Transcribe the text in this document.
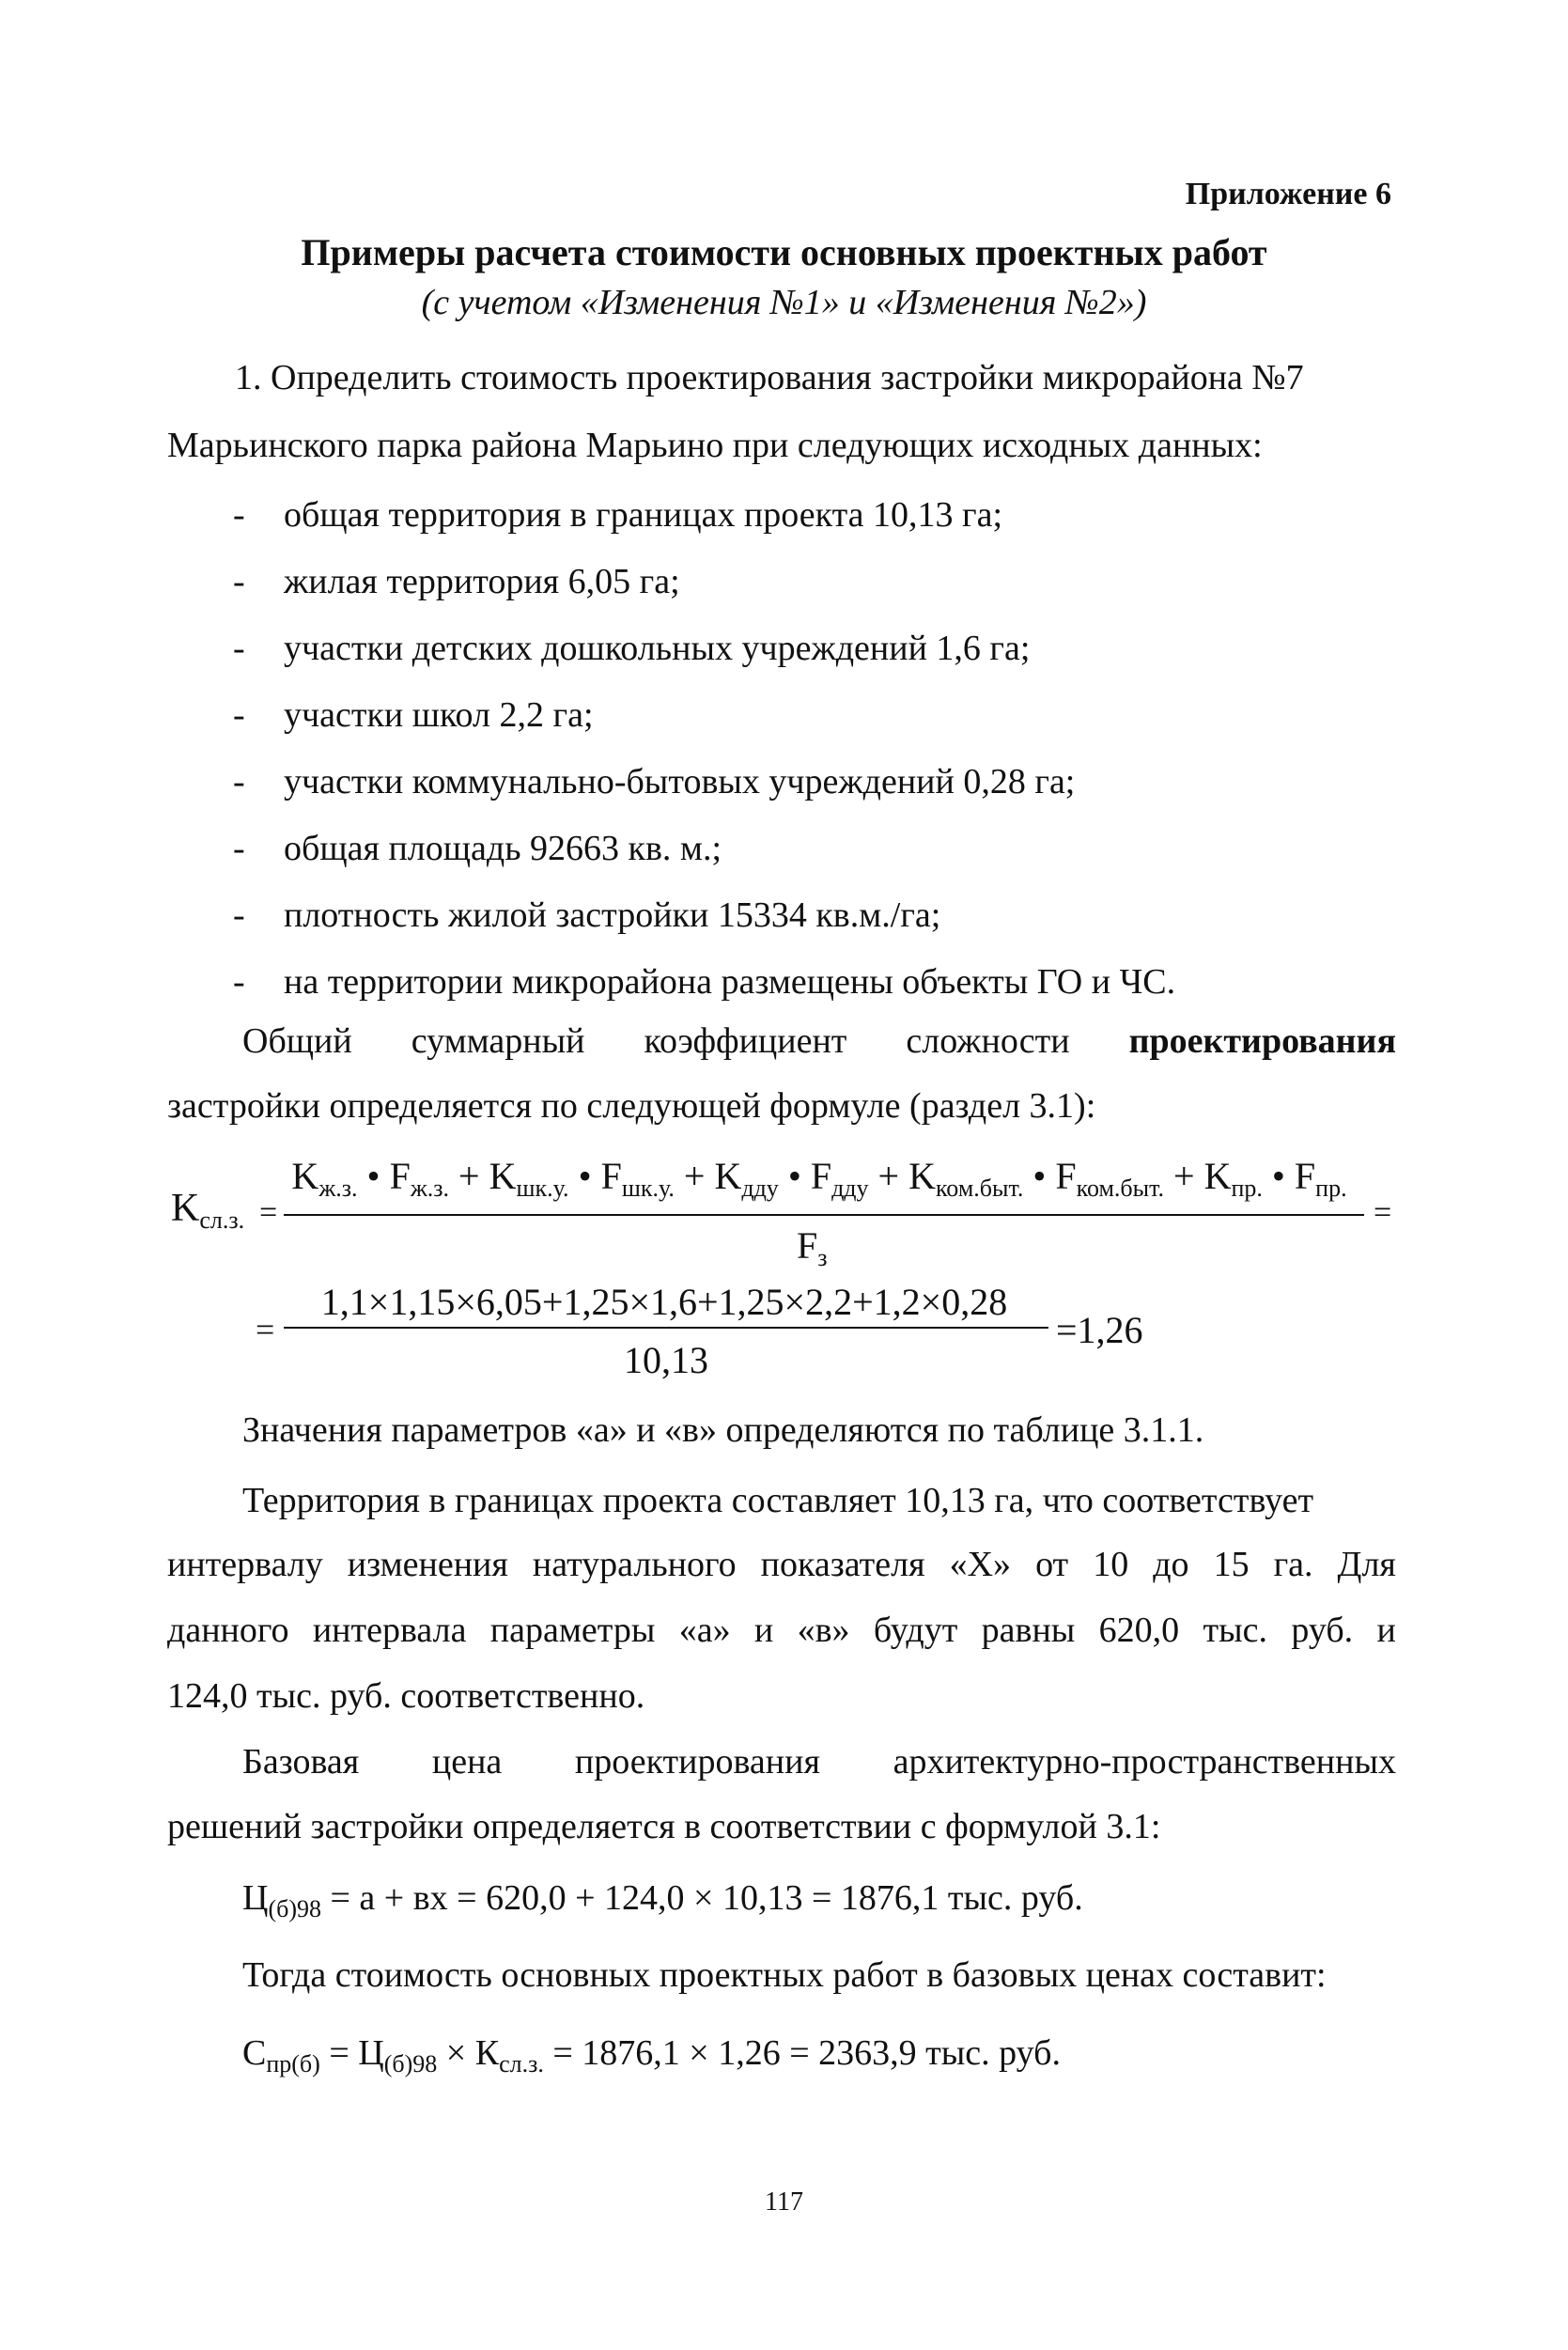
Приложение 6
Примеры расчета стоимости основных проектных работ
(с учетом «Изменения №1» и «Изменения №2»)
1. Определить стоимость проектирования застройки микрорайона №7
Марьинского парка района Марьино при следующих исходных данных:
- общая территория в границах проекта 10,13 га;
- жилая территория 6,05 га;
- участки детских дошкольных учреждений 1,6 га;
- участки школ 2,2 га;
- участки коммунально-бытовых учреждений 0,28 га;
- общая площадь 92663 кв. м.;
- плотность жилой застройки 15334 кв.м./га;
- на территории микрорайона размещены объекты ГО и ЧС.
Общий суммарный коэффициент сложности проектирования
застройки определяется по следующей формуле (раздел 3.1):
$K_{сл.з.}$ =
$K_{ж.з.}$ • $F_{ж.з.} + K_{шк.у.}$ • $F_{шк.у.} + K_{дду}$ • $F_{дду} + K_{ком.быт.}$ • $F_{ком.быт.} + K_{пр.}$ • $F_{пр.}$
$F_з$
=
=
1,1×1,15×6,05+1,25×1,6+1,25×2,2+1,2×0,28
10,13
=1,26
Значения параметров «а» и «в» определяются по таблице 3.1.1.
Территория в границах проекта составляет 10,13 га, что соответствует
интервалу изменения натурального показателя «Х» от 10 до 15 га. Для
данного интервала параметры «а» и «в» будут равны 620,0 тыс. руб. и
124,0 тыс. руб. соответственно.
Базовая цена проектирования архитектурно-пространственных
решений застройки определяется в соответствии с формулой 3.1:
$Ц_{(б)98} = а$ + вх = 620,0 + 124,0 × 10,13 = 1876,1 тыс. руб.
Тогда стоимость основных проектных работ в базовых ценах составит:
$С_{пр(б)} = Ц_{(б)98} \times К_{сл.з.} = 1876,1 \times 1,26 = 2363,9$ тыс. руб.
117
